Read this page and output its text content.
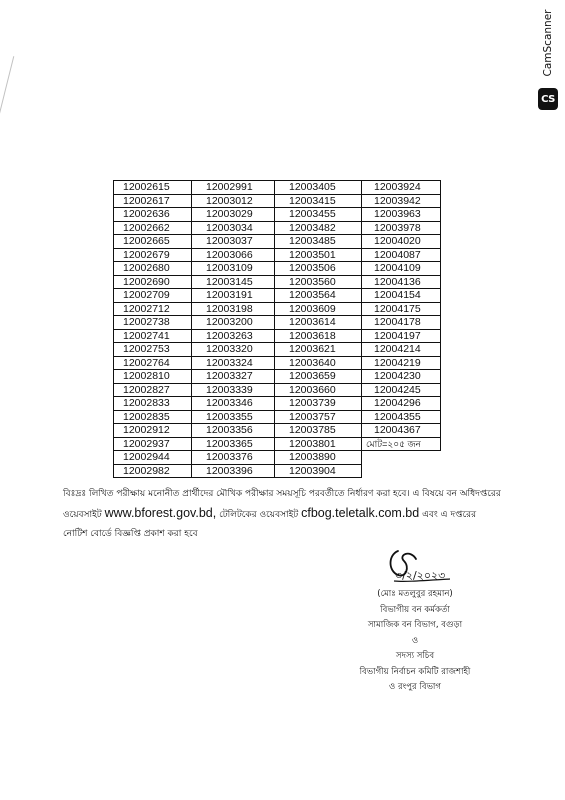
CamScanner
CS
12002615	12002991	12003405	12003924
12002617	12003012	12003415	12003942
12002636	12003029	12003455	12003963
12002662	12003034	12003482	12003978
12002665	12003037	12003485	12004020
12002679	12003066	12003501	12004087
12002680	12003109	12003506	12004109
12002690	12003145	12003560	12004136
12002709	12003191	12003564	12004154
12002712	12003198	12003609	12004175
12002738	12003200	12003614	12004178
12002741	12003263	12003618	12004197
12002753	12003320	12003621	12004214
12002764	12003324	12003640	12004219
12002810	12003327	12003659	12004230
12002827	12003339	12003660	12004245
12002833	12003346	12003739	12004296
12002835	12003355	12003757	12004355
12002912	12003356	12003785	12004367
12002937	12003365	12003801	মোট=২০৫ জন
12002944	12003376	12003890	
12002982	12003396	12003904	
বিঃদ্রঃ লিখিত পরীক্ষায় মনোনীত প্রার্থীদের মৌখিক পরীক্ষার সময়সূচি পরবর্তীতে নির্ধারণ করা হবে। এ বিষয়ে বন অধিদপ্তরের
ওয়েবসাইট www.bforest.gov.bd, টেলিটকের ওয়েবসাইট cfbog.teletalk.com.bd এবং এ দপ্তরের
নোটিশ বোর্ডে বিজ্ঞপ্তি প্রকাশ করা হবে
৩/২/২০২৩
(মোঃ মতলুবুর রহমান)
বিভাগীয় বন কর্মকর্তা
সামাজিক বন বিভাগ, বগুড়া
ও
সদস্য সচিব
বিভাগীয় নির্বাচন কমিটি রাজশাহী
ও রংপুর বিভাগ
